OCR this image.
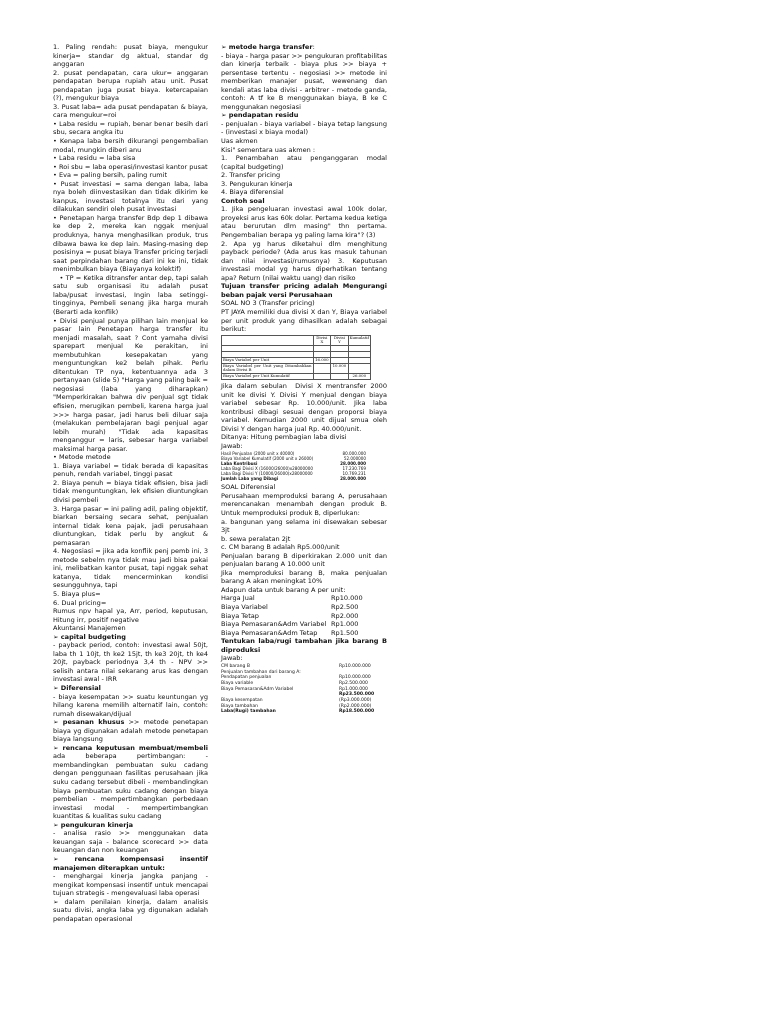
1. Paling rendah: pusat biaya, mengukur kinerja= standar dg aktual, standar dg anggaran

2. pusat pendapatan, cara ukur= anggaran pendapatan berupa rupiah atau unit. Pusat pendapatan juga pusat biaya. ketercapaian (?), mengukur biaya

3. Pusat laba= ada pusat pendapatan & biaya, cara mengukur=roi

• Laba residu = rupiah, benar benar besih dari sbu, secara angka itu

• Kenapa laba bersih dikurangi pengembalian modal, mungkin diberi anu

• Laba residu = laba sisa

• Roi sbu = laba operasi/investasi kantor pusat

• Eva = paling bersih, paling rumit

• Pusat investasi = sama dengan laba, laba nya boleh diinvestasikan dan tidak dikirim ke kanpus, investasi totalnya itu dari yang dilakukan sendiri oleh pusat investasi

• Penetapan harga transfer Bdp dep 1 dibawa ke dep 2, mereka kan nggak menjual produknya, hanya menghasilkan produk, trus dibawa bawa ke dep lain. Masing-masing dep posisinya = pusat biaya Transfer pricing terjadi saat perpindahan barang dari ini ke ini, tidak menimbulkan biaya (Biayanya kolektif)

• TP = Ketika ditransfer antar dep, tapi salah satu sub organisasi itu adalah pusat laba/pusat investasi, Ingin laba setinggi-tingginya, Pembeli senang jika harga murah (Berarti ada konflik)

• Divisi penjual punya pilihan lain menjual ke pasar lain Penetapan harga transfer itu menjadi masalah, saat ? Cont yamaha divisi sparepart menjual Ke perakitan, ini membutuhkan kesepakatan yang menguntungkan ke2 belah pihak. Perlu ditentukan TP nya, ketentuannya ada 3 pertanyaan (slide 5) "Harga yang paling baik = negosiasi (laba yang diharapkan) "Memperkirakan bahwa div penjual sgt tidak efisien, merugikan pembeli, karena harga jual >>> harga pasar, jadi harus beli diluar saja (melakukan pembelajaran bagi penjual agar lebih murah) "Tidak ada kapasitas menganggur = laris, sebesar harga variabel maksimal harga pasar.

• Metode metode

1. Biaya variabel = tidak berada di kapasitas penuh, rendah variabel, tinggi pasat

2. Biaya penuh = biaya tidak efisien, bisa jadi tidak menguntungkan, lek efisien diuntungkan divisi pembeli

3. Harga pasar = ini paling adil, paling objektif, biarkan bersaing secara sehat, penjualan internal tidak kena pajak, jadi perusahaan diuntungkan, tidak perlu by angkut & pemasaran

4. Negosiasi = jika ada konflik penj pemb ini, 3 metode sebelm nya tidak mau jadi bisa pakai ini, melibatkan kantor pusat, tapi nggak sehat katanya, tidak mencerminkan kondisi sesungguhnya, tapi

5. Biaya plus=

6. Dual pricing=

Rumus npv hapal ya, Arr, period, keputusan, Hitung irr, positif negative

Akuntansi Manajemen

➢ capital budgeting

- payback period, contoh: investasi awal 50jt, laba th 1 10jt, th ke2 15jt, th ke3 20jt, th ke4 20jt, payback periodnya 3,4 th - NPV >> selisih antara nilai sekarang arus kas dengan investasi awal - IRR

➢ Diferensial

- biaya kesempatan >> suatu keuntungan yg hilang karena memilih alternatif lain, contoh: rumah disewakan/dijual

➢ pesanan khusus >> metode penetapan biaya yg digunakan adalah metode penetapan biaya langsung

➢ rencana keputusan membuat/membeli ada beberapa pertimbangan: - membandingkan pembuatan suku cadang dengan penggunaan fasilitas perusahaan jika suku cadang tersebut dibeli - membandingkan biaya pembuatan suku cadang dengan biaya pembelian - mempertimbangkan perbedaan investasi modal - mempertimbangkan kuantitas & kualitas suku cadang

➢ pengukuran kinerja

- analisa rasio >> menggunakan data keuangan saja - balance scorecard >> data keuangan dan non keuangan

➢ rencana kompensasi insentif manajemen diterapkan untuk:

- menghargai kinerja jangka panjang - mengikat kompensasi insentif untuk mencapai tujuan strategis - mengevaluasi laba operasi

➢ dalam penilaian kinerja, dalam analisis suatu divisi, angka laba yg digunakan adalah pendapatan operasional

➢ metode harga transfer:

- biaya - harga pasar >> pengukuran profitabilitas dan kinerja terbaik - biaya plus >> biaya + persentase tertentu - negosiasi >> metode ini memberikan manajer pusat, wewenang dan kendali atas laba divisi - arbitrer - metode ganda, contoh: A tf ke B menggunakan biaya, B ke C menggunakan negosiasi

➢ pendapatan residu

- penjualan - biaya variabel - biaya tetap langsung - (investasi x biaya modal)

Uas akmen

Kisi" sementara uas akmen :

1. Penambahan atau penganggaran modal (capital budgeting)

2. Transfer pricing

3. Pengukuran kinerja

4. Biaya diferensial

Contoh soal

1. Jika pengeluaran investasi awal 100k dolar, proyeksi arus kas 60k dolar. Pertama kedua ketiga atau berurutan dlm masing" thn pertama. Pengembalian berapa yg paling lama kira"? (3)

2. Apa yg harus diketahui dlm menghitung payback periode? (Ada arus kas masuk tahunan dan nilai investasi/rumusnya) 3. Keputusan investasi modal yg harus diperhatikan tentang apa? Return (nilai waktu uang) dan risiko

Tujuan transfer pricing adalah Mengurangi beban pajak versi Perusahaan

SOAL NO 3 (Transfer pricing)

PT JAYA memiliki dua divisi X dan Y, Biaya variabel per unit produk yang dihasilkan adalah sebagai berikut:

	Divisi X	Divisi Y	Kumulatif

Biaya Variabel per Unit	16.000		
Biaya Variabel per Unit yang Ditambahkan dalam Divisi B		10.000	
Biaya Variabel per Unit Kumulatif			26.000

Jika dalam sebulan  Divisi X mentransfer 2000 unit ke divisi Y. Divisi Y menjual dengan biaya variabel sebesar Rp. 10.000/unit. Jika laba kontribusi dibagi sesuai dengan proporsi biaya variabel. Kemudian 2000 unit dijual smua oleh Divisi Y dengan harga jual Rp. 40.000/unit.

Ditanya: Hitung pembagian laba divisi

Jawab:

Hasil Penjualan (2000 unit x 40000)	80.000.000
Biaya Variabel Kumulatif (2000 unit x 26000)	52.000000
Laba Kontribusi	28.000.000
Laba Bagi Divisi X (16000/26000)x28000000	17.230.769
Laba Bagi Divisi Y (10000/26000)x28000000	10.769.231
Jumlah Laba yang Dibagi	28.000.000

SOAL Diferensial

Perusahaan memproduksi barang A, perusahaan merencanakan menambah dengan produk B. Untuk memproduksi produk B, diperlukan:

a. bangunan yang selama ini disewakan sebesar 3jt

b. sewa peralatan 2jt

c. CM barang B adalah Rp5.000/unit

Penjualan barang B diperkirakan 2.000 unit dan penjualan barang A 10.000 unit

Jika memproduksi barang B, maka penjualan barang A akan meningkat 10%

Adapun data untuk barang A per unit:

Harga Jual	Rp10.000
Biaya Variabel	Rp2.500
Biaya Tetap	Rp2.000
Biaya Pemasaran&Adm Variabel Rp1.000
Biaya Pemasaran&Adm Tetap	Rp1.500

Tentukan laba/rugi tambahan jika barang B diproduksi

Jawab:

CM barang B	Rp10.000.000
Penjualan tambahan dari barang A:
Pendapatan penjualan	Rp10.000.000
Biaya variable	Rp2.500.000
Biaya Pemasaran&Adm Variabel	Rp1.000.000
Rp23.500.000
Biaya kesempatan	(Rp3.000.000)
Biaya tambahan	(Rp2.000.000)
Laba(Rugi) tambahan	Rp18.500.000
